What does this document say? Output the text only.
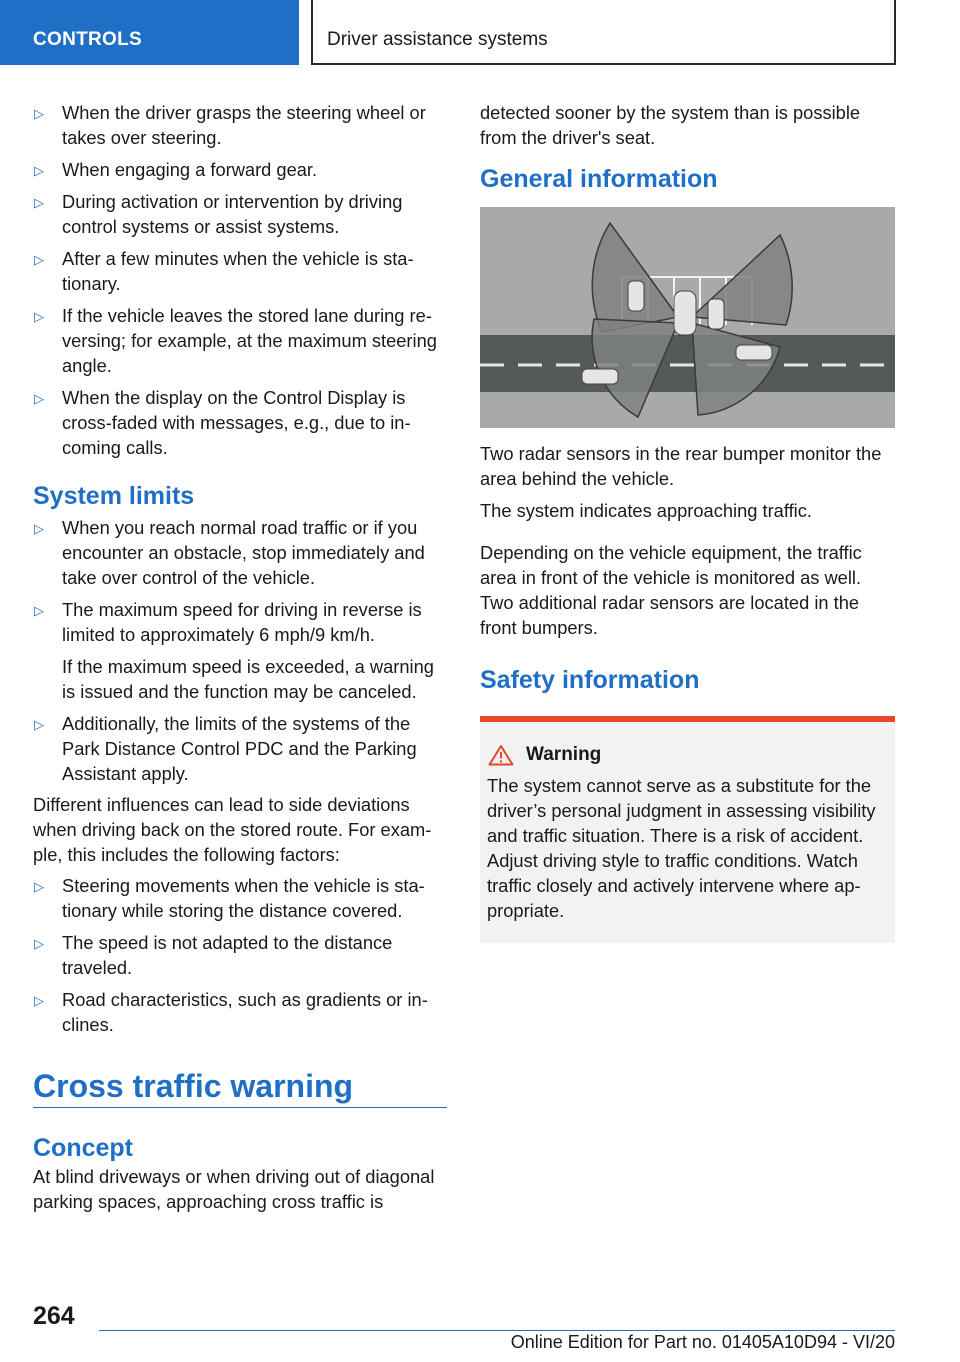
CONTROLS	Driver assistance systems
▷ When the driver grasps the steering wheel or takes over steering.
▷ When engaging a forward gear.
▷ During activation or intervention by driving control systems or assist systems.
▷ After a few minutes when the vehicle is stationary.
▷ If the vehicle leaves the stored lane during reversing; for example, at the maximum steering angle.
▷ When the display on the Control Display is cross-faded with messages, e.g., due to incoming calls.
System limits
▷ When you reach normal road traffic or if you encounter an obstacle, stop immediately and take over control of the vehicle.
▷ The maximum speed for driving in reverse is limited to approximately 6 mph/9 km/h.
If the maximum speed is exceeded, a warning is issued and the function may be canceled.
▷ Additionally, the limits of the systems of the Park Distance Control PDC and the Parking Assistant apply.

Different influences can lead to side deviations when driving back on the stored route. For example, this includes the following factors:

▷ Steering movements when the vehicle is stationary while storing the distance covered.
▷ The speed is not adapted to the distance traveled.
▷ Road characteristics, such as gradients or inclines.
Cross traffic warning
Concept

At blind driveways or when driving out of diagonal parking spaces, approaching cross traffic is

detected sooner by the system than is possible from the driver's seat.

General information

Two radar sensors in the rear bumper monitor the area behind the vehicle.

The system indicates approaching traffic.

Depending on the vehicle equipment, the traffic area in front of the vehicle is monitored as well. Two additional radar sensors are located in the front bumpers.

Safety information
Warning

The system cannot serve as a substitute for the driver’s personal judgment in assessing visibility and traffic situation. There is a risk of accident. Adjust driving style to traffic conditions. Watch traffic closely and actively intervene where appropriate.

264
Online Edition for Part no. 01405A10D94 - VI/20
